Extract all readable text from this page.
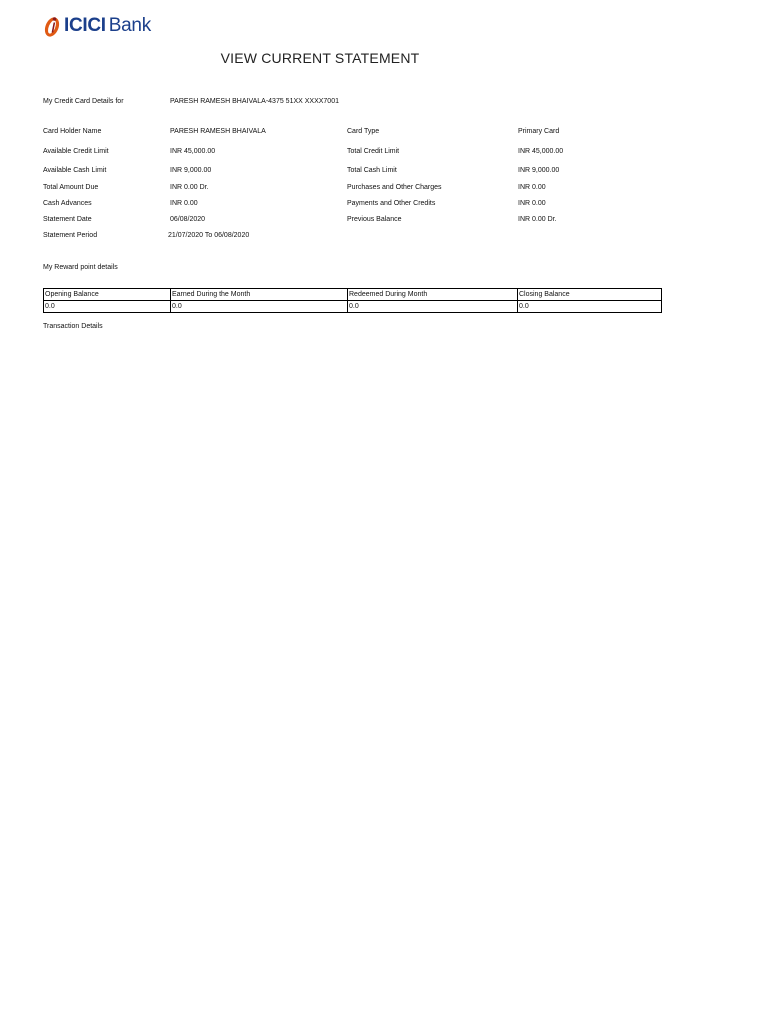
ICICI Bank
VIEW CURRENT STATEMENT
My Credit Card Details for	PARESH RAMESH BHAIVALA-4375 51XX XXXX7001
Card Holder Name	PARESH RAMESH BHAIVALA	Card Type	Primary Card
Available Credit Limit	INR 45,000.00	Total Credit Limit	INR 45,000.00
Available Cash Limit	INR 9,000.00	Total Cash Limit	INR 9,000.00
Total Amount Due	INR 0.00 Dr.	Purchases and Other Charges	INR 0.00
Cash Advances	INR 0.00	Payments and Other Credits	INR 0.00
Statement Date	06/08/2020	Previous Balance	INR 0.00 Dr.
Statement Period	21/07/2020 To 06/08/2020
My Reward point details
Opening Balance	Earned During the Month	Redeemed During Month	Closing Balance
0.0	0.0	0.0	0.0
Transaction Details
